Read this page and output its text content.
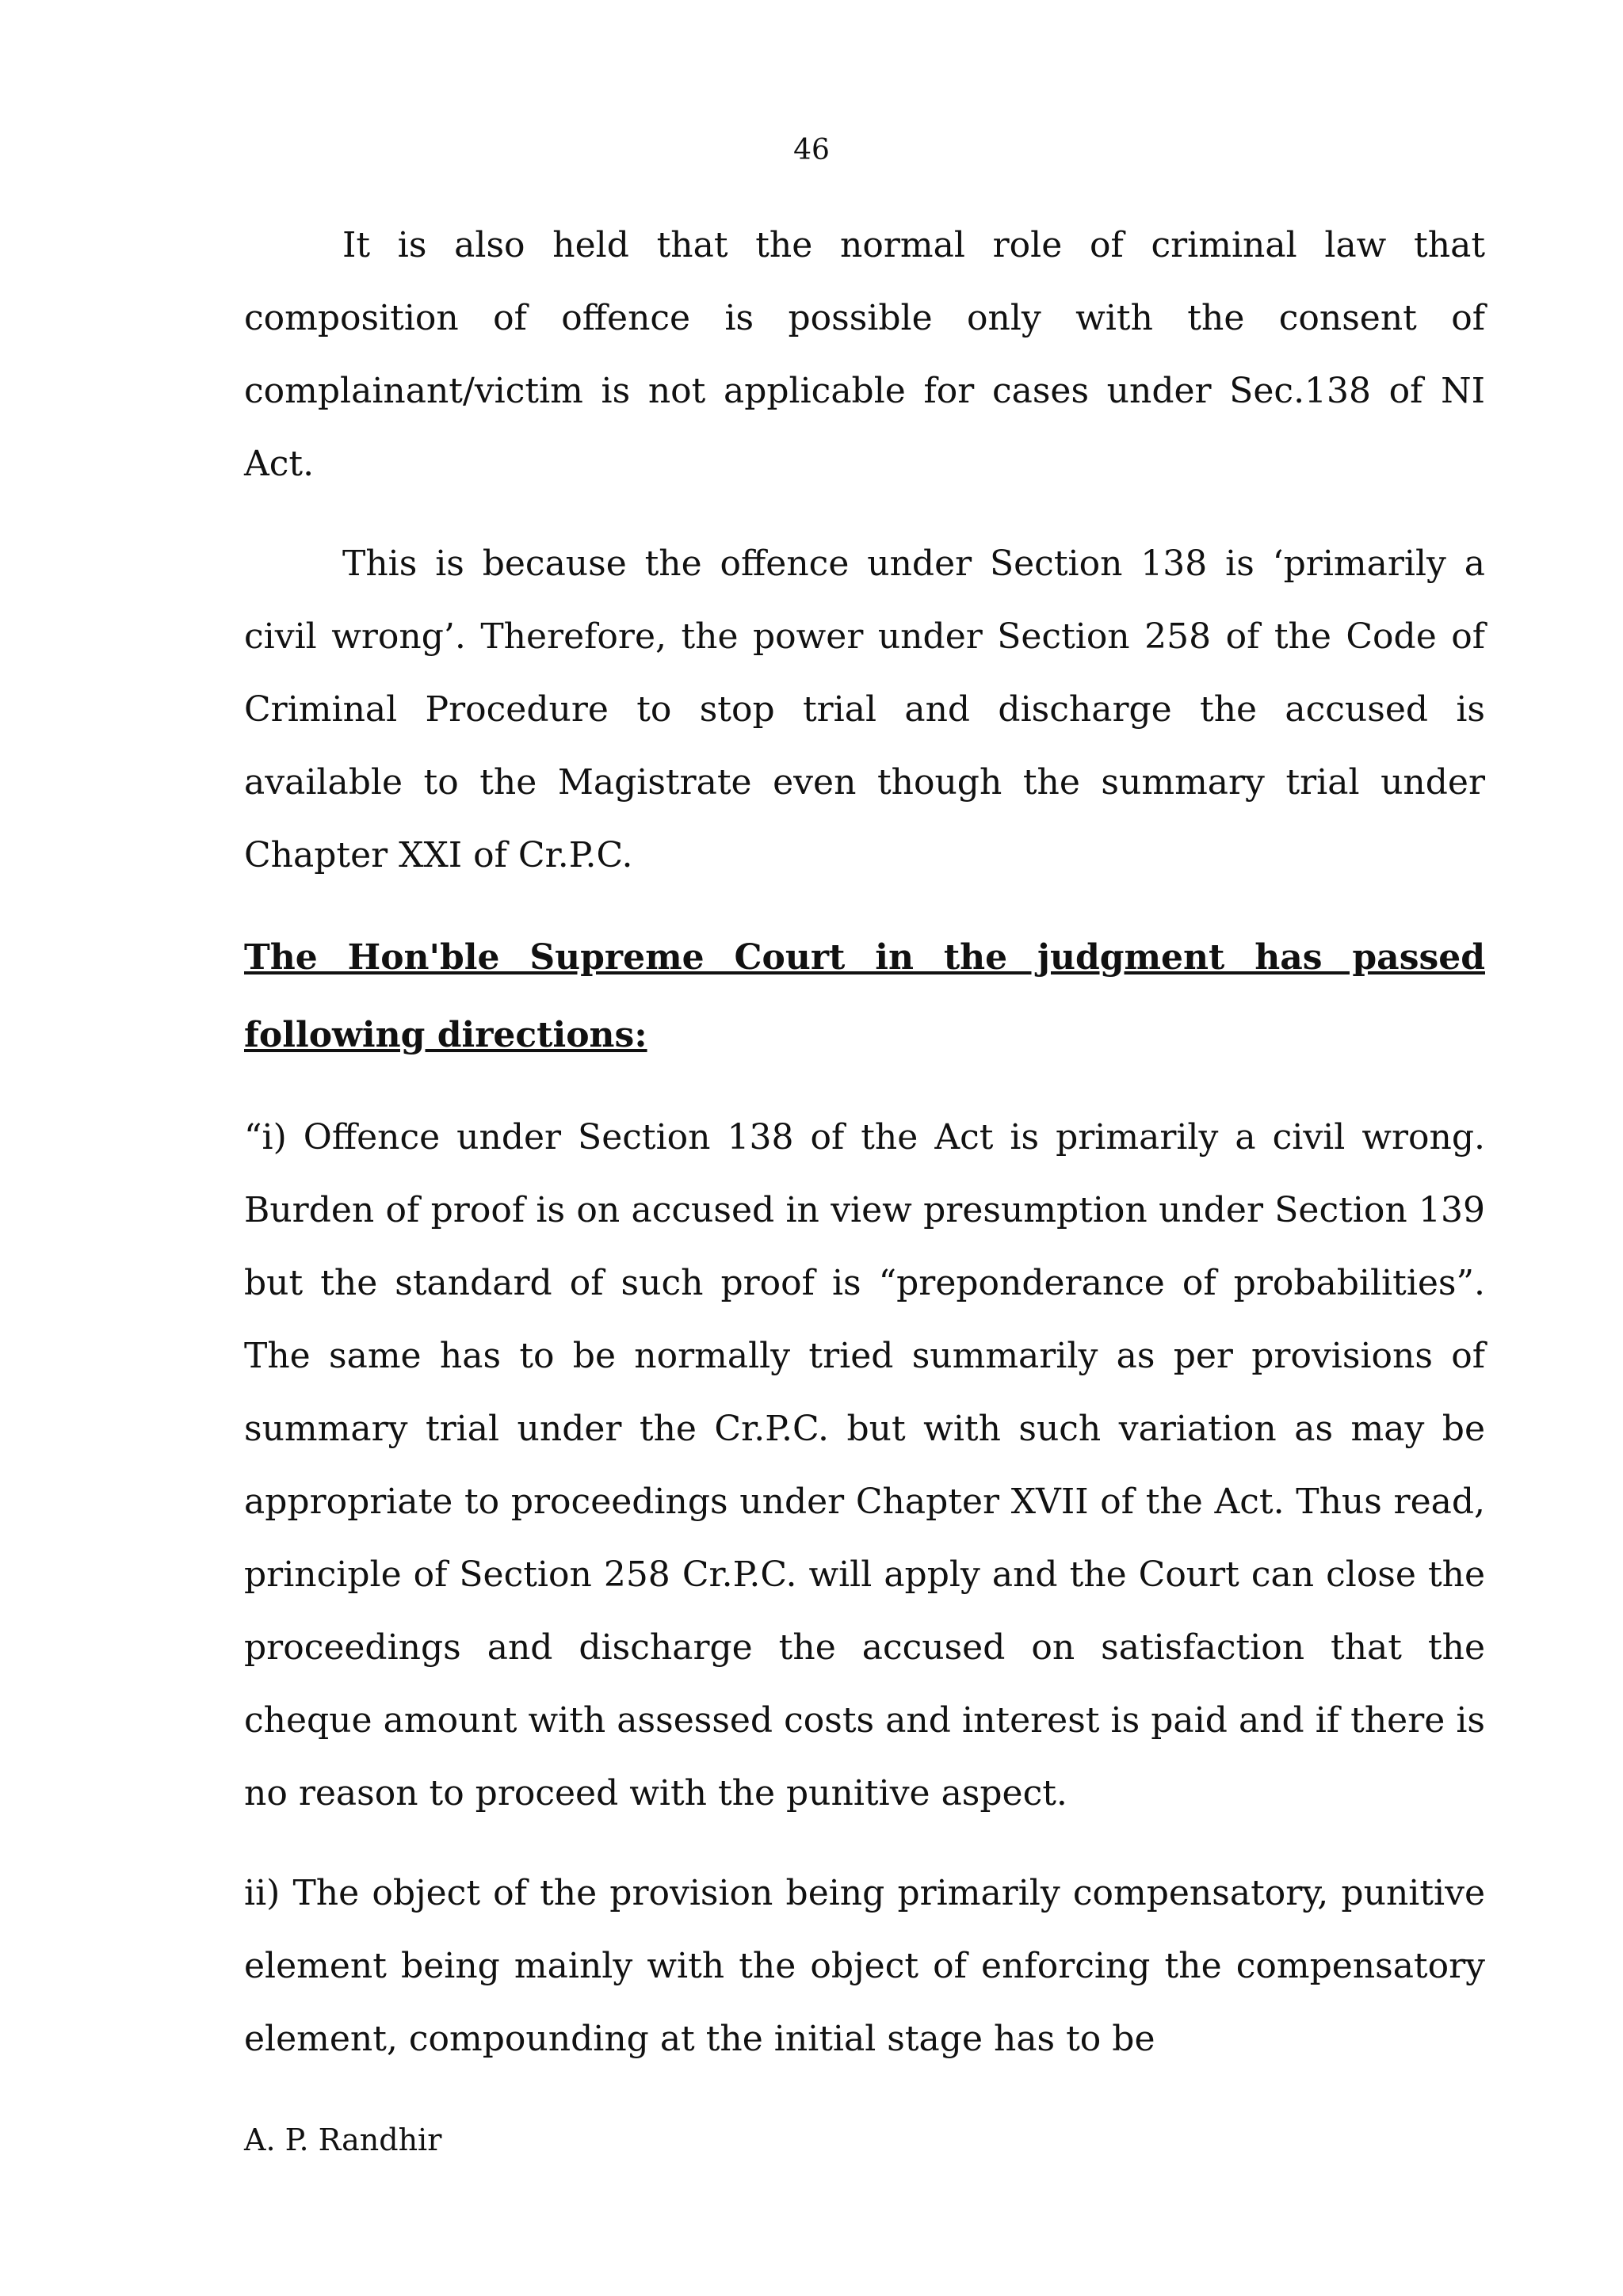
46

It is also held that the normal role of criminal law that composition of offence is possible only with the consent of complainant/victim is not applicable for cases under Sec.138 of NI Act.

This is because the offence under Section 138 is ‘primarily a civil wrong’. Therefore, the power under Section 258 of the Code of Criminal Procedure to stop trial and discharge the accused is available to the Magistrate even though the summary trial under Chapter XXI of Cr.P.C.

The Hon'ble Supreme Court in the judgment has passed following directions:

“i) Offence under Section 138 of the Act is primarily a civil wrong. Burden of proof is on accused in view presumption under Section 139 but the standard of such proof is “preponderance of probabilities”. The same has to be normally tried summarily as per provisions of summary trial under the Cr.P.C. but with such variation as may be appropriate to proceedings under Chapter XVII of the Act. Thus read, principle of Section 258 Cr.P.C. will apply and the Court can close the proceedings and discharge the accused on satisfaction that the cheque amount with assessed costs and interest is paid and if there is no reason to proceed with the punitive aspect.

ii) The object of the provision being primarily compensatory, punitive element being mainly with the object of enforcing the compensatory element, compounding at the initial stage has to be

A. P. Randhir
